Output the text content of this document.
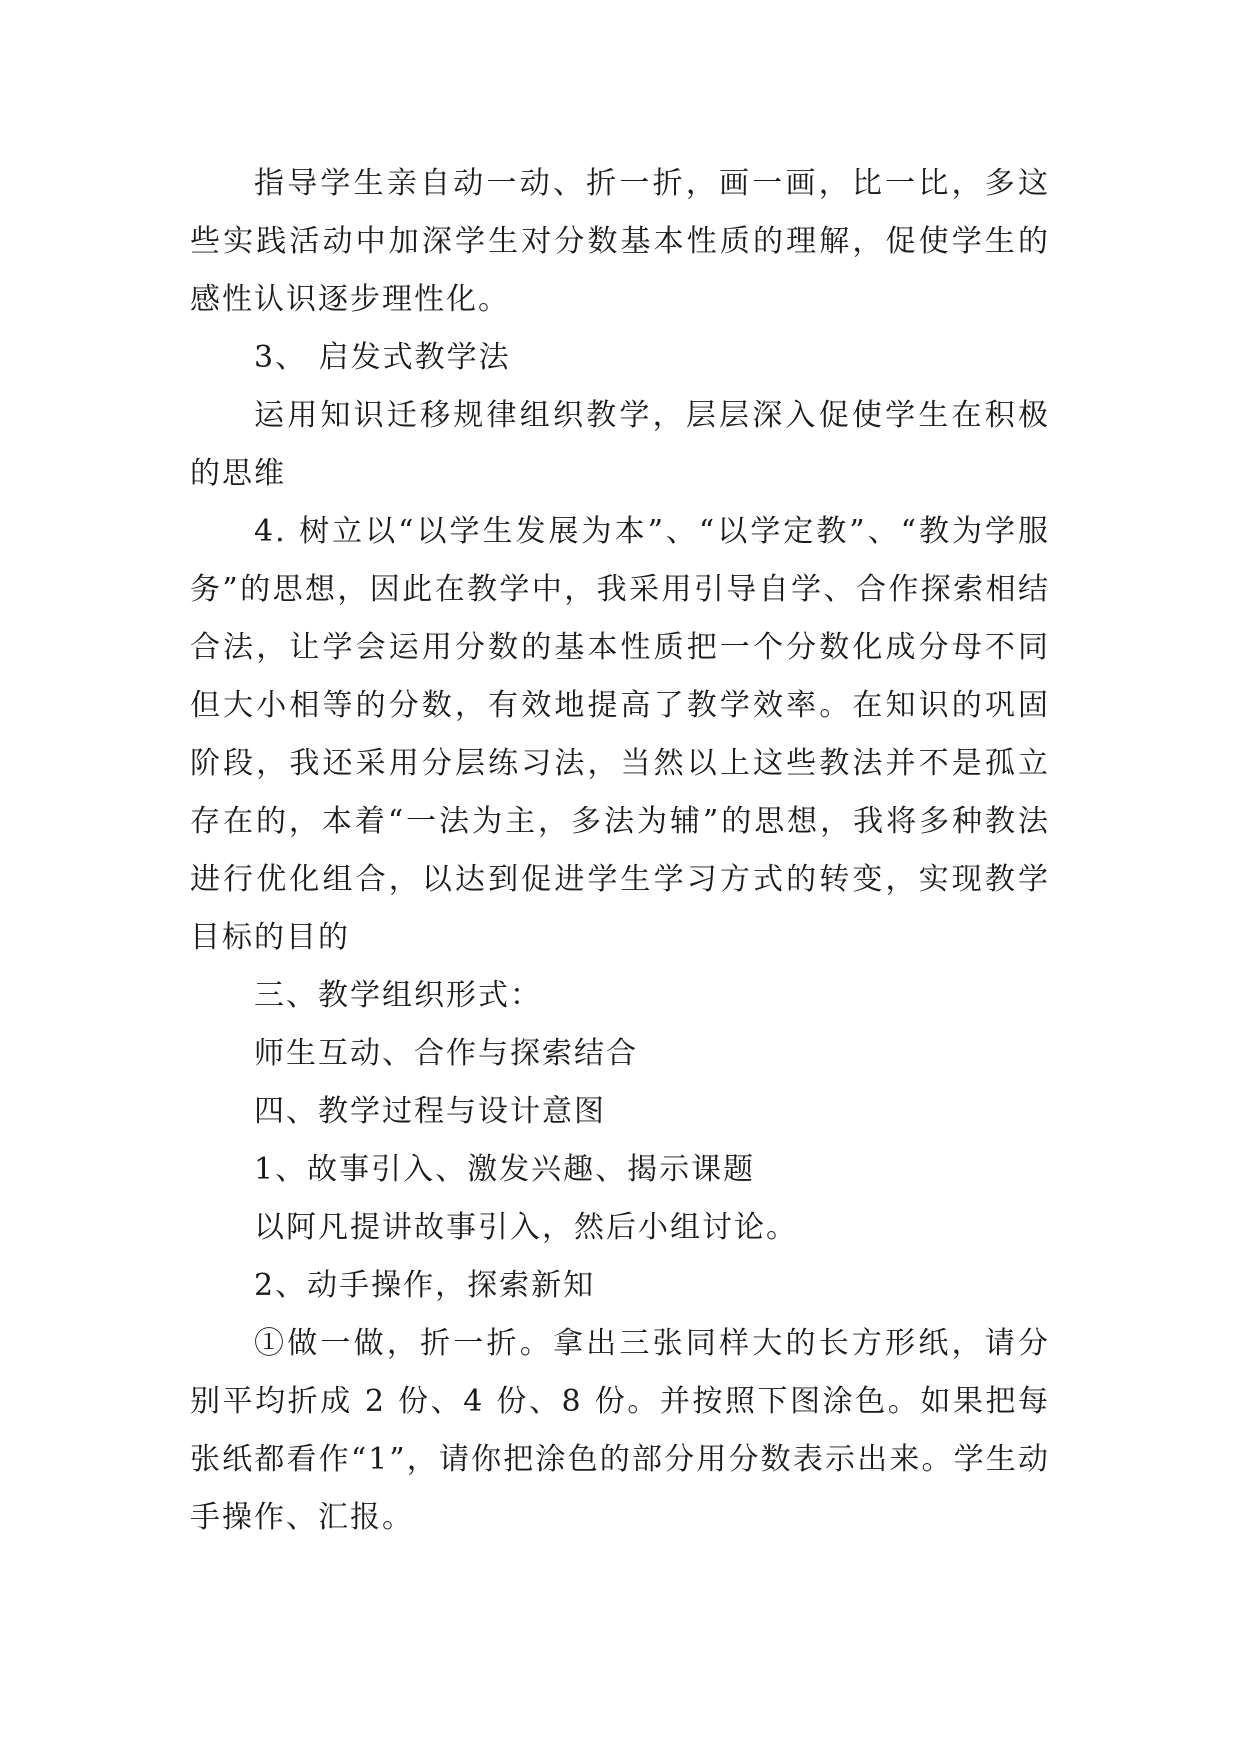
指导学生亲自动一动、折一折，画一画，比一比，多这些实践活动中加深学生对分数基本性质的理解，促使学生的感性认识逐步理性化。

3、 启发式教学法

运用知识迁移规律组织教学，层层深入促使学生在积极的思维

4. 树立以“以学生发展为本”、“以学定教”、“教为学服务”的思想，因此在教学中，我采用引导自学、合作探索相结合法，让学会运用分数的基本性质把一个分数化成分母不同但大小相等的分数，有效地提高了教学效率。在知识的巩固阶段，我还采用分层练习法，当然以上这些教法并不是孤立存在的，本着“一法为主，多法为辅”的思想，我将多种教法进行优化组合，以达到促进学生学习方式的转变，实现教学目标的目的

三、教学组织形式：

师生互动、合作与探索结合

四、教学过程与设计意图

1、故事引入、激发兴趣、揭示课题

以阿凡提讲故事引入，然后小组讨论。

2、动手操作，探索新知

①做一做，折一折。拿出三张同样大的长方形纸，请分别平均折成 2 份、4 份、8 份。并按照下图涂色。如果把每张纸都看作“1”，请你把涂色的部分用分数表示出来。学生动手操作、汇报。
